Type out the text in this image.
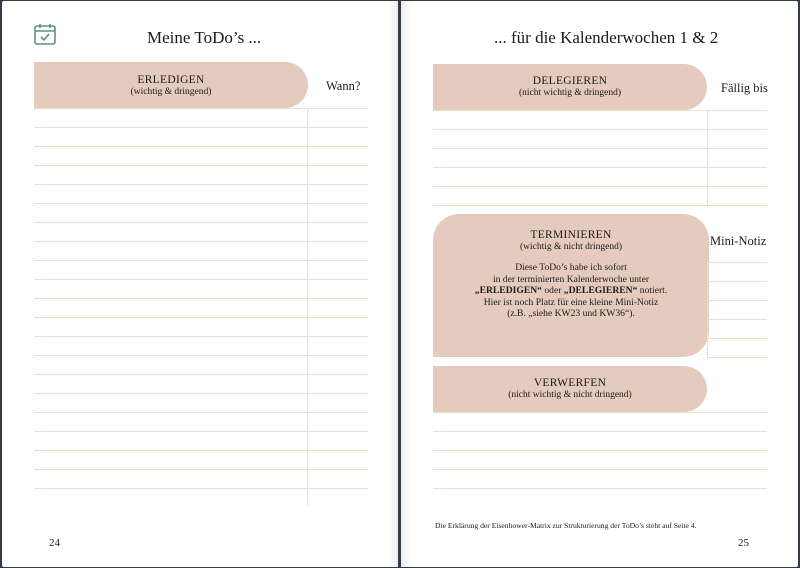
Meine ToDo’s ...
ERLEDIGEN
(wichtig & dringend)	Wann?
24
... für die Kalenderwochen 1 & 2
DELEGIEREN
(nicht wichtig & dringend)	Fällig bis
TERMINIEREN
(wichtig & nicht dringend)
Diese ToDo’s habe ich sofort
in der terminierten Kalenderwoche unter
„ERLEDIGEN“ oder „DELEGIEREN“ notiert.
Hier ist noch Platz für eine kleine Mini-Notiz
(z.B. „siehe KW23 und KW36“).
Mini-Notiz
VERWERFEN
(nicht wichtig & nicht dringend)
Die Erklärung der Eisenhower-Matrix zur Strukturierung der ToDo’s steht auf Seite 4.
25
